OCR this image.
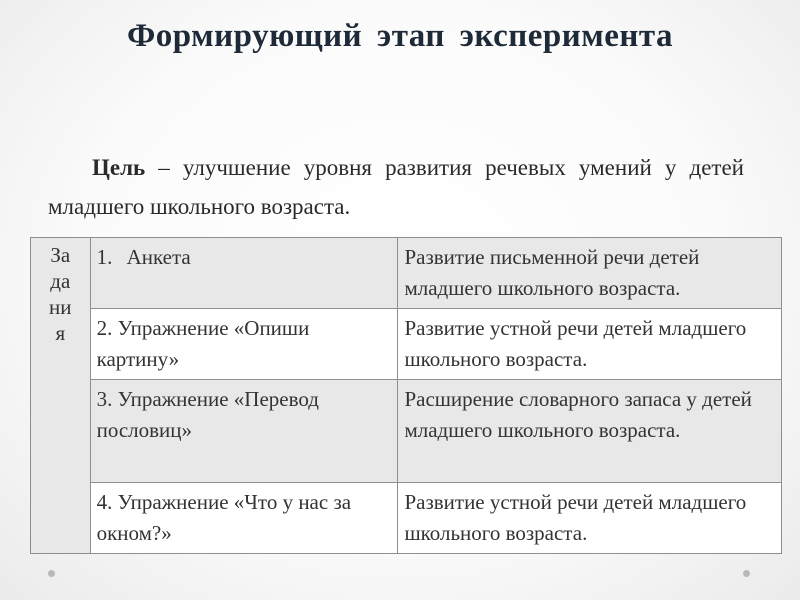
Формирующий этап эксперимента
Цель – улучшение уровня развития речевых умений у детей младшего школьного возраста.
За
да
ни
я	1. Анкета	Развитие письменной речи детей младшего школьного возраста.
	2. Упражнение «Опиши картину»	Развитие устной речи детей младшего школьного возраста.
	3. Упражнение «Перевод пословиц»	Расширение словарного запаса у детей младшего школьного возраста.
	4. Упражнение «Что у нас за окном?»	Развитие устной речи детей младшего школьного возраста.
